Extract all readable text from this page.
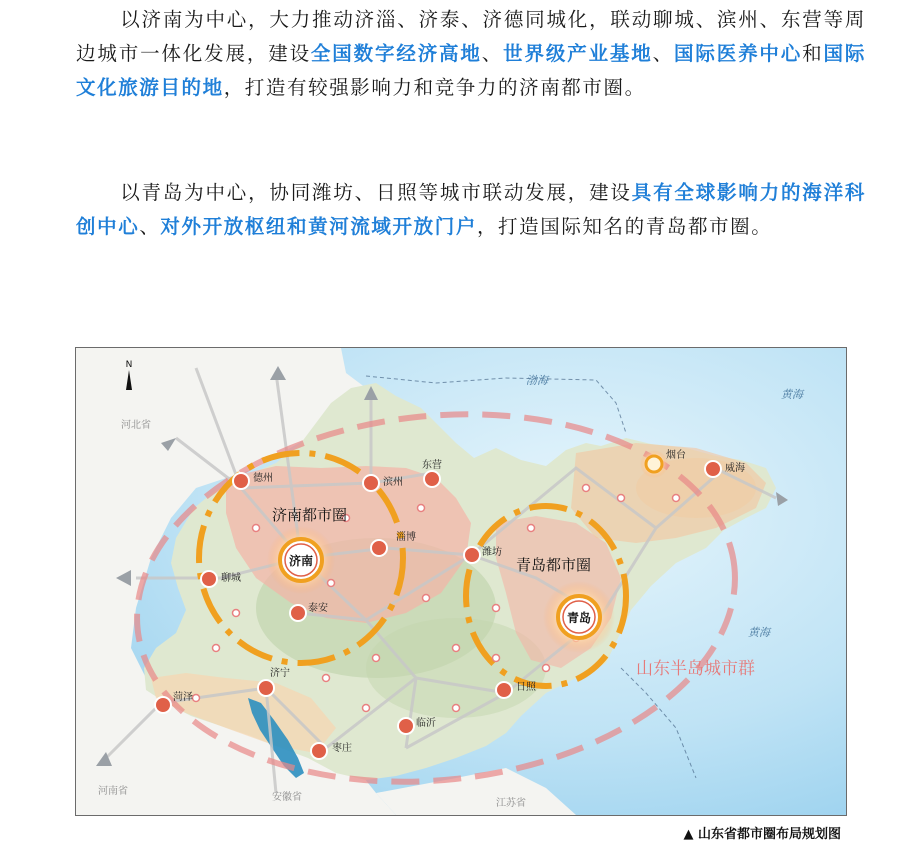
以济南为中心，大力推动济淄、济泰、济德同城化，联动聊城、滨州、东营等周边城市一体化发展，建设全国数字经济高地、世界级产业基地、国际医养中心和国际文化旅游目的地，打造有较强影响力和竞争力的济南都市圈。

以青岛为中心，协同潍坊、日照等城市联动发展，建设具有全球影响力的海洋科创中心、对外开放枢纽和黄河流域开放门户，打造国际知名的青岛都市圈。

N
渤海
黄海
黄海
河北省
河南省
安徽省
江苏省
济南
青岛
德州	滨州
东营
淄博
潍坊
聊城
泰安
烟台
威海
日照
济宁
菏泽
临沂
枣庄
济南都市圈
青岛都市圈
山东半岛城市群
▲ 山东省都市圈布局规划图
